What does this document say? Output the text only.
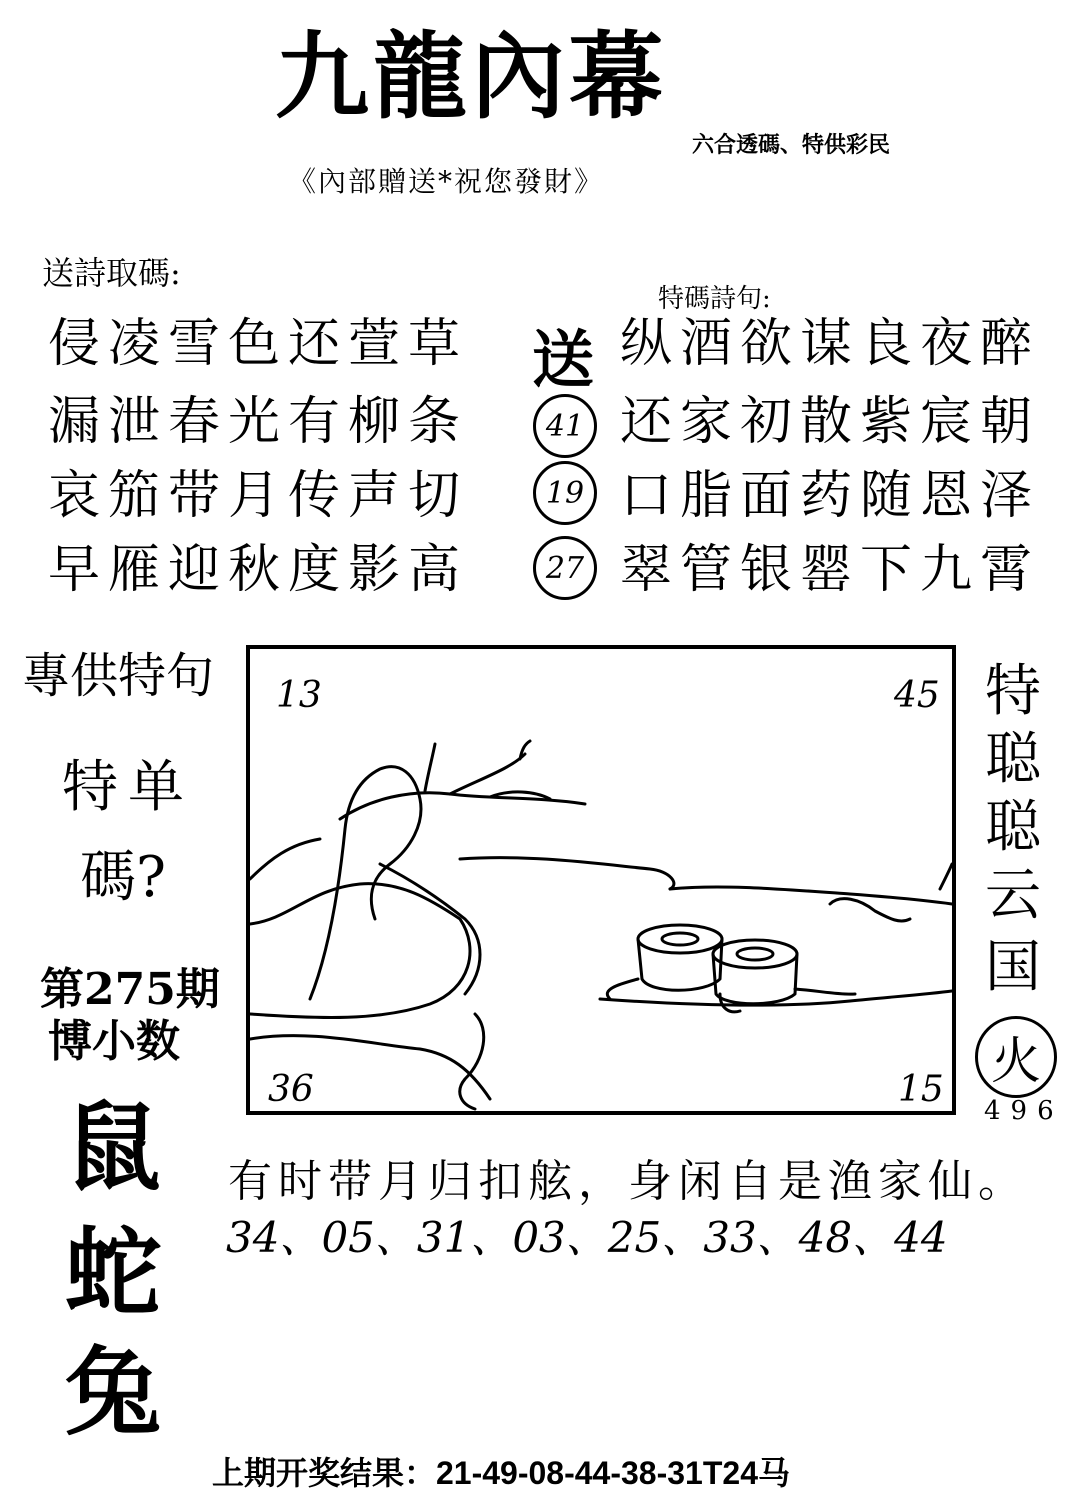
九龍內幕
六合透碼、特供彩民
《內部贈送*祝您發財》
送詩取碼:
侵凌雪色还萱草
漏泄春光有柳条
哀笳带月传声切
早雁迎秋度影高
特碼詩句:
送
41
19
27
纵酒欲谋良夜醉
还家初散紫宸朝
口脂面药随恩泽
翠管银罂下九霄
專供特句
特单
碼?
第275期
博小数
鼠
蛇
兔
13	45
36	15
特
聪
聪
云
国
火
496
有时带月归扣舷，身闲自是渔家仙。
34、05、31、03、25、33、48、44
上期开奖结果：21-49-08-44-38-31T24马
